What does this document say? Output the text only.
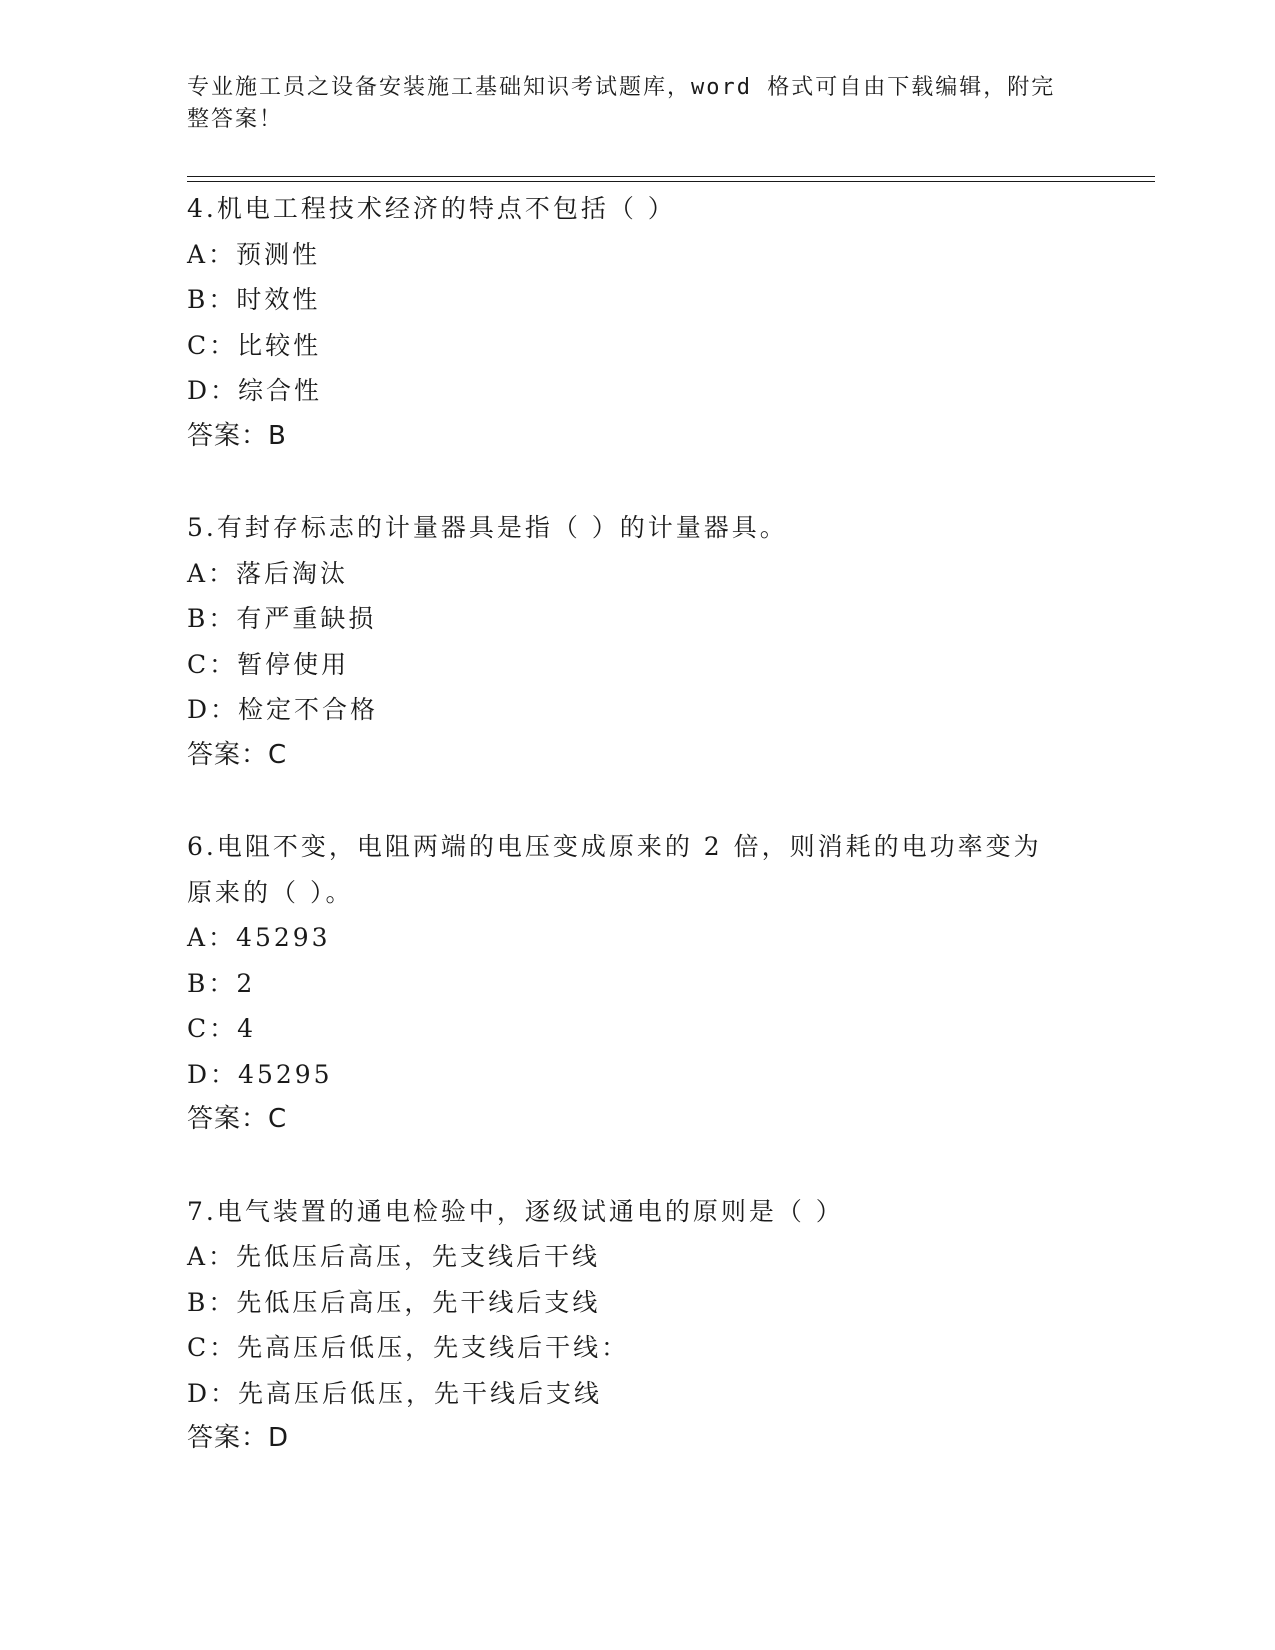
专业施工员之设备安装施工基础知识考试题库，word 格式可自由下载编辑，附完整答案！
4.机电工程技术经济的特点不包括（ ）
A：预测性
B：时效性
C：比较性
D：综合性
答案：B
5.有封存标志的计量器具是指（ ）的计量器具。
A：落后淘汰
B：有严重缺损
C：暂停使用
D：检定不合格
答案：C
6.电阻不变，电阻两端的电压变成原来的 2 倍，则消耗的电功率变为原来的（ ）。
A：45293
B：2
C：4
D：45295
答案：C
7.电气装置的通电检验中，逐级试通电的原则是（ ）
A：先低压后高压，先支线后干线
B：先低压后高压，先干线后支线
C：先高压后低压，先支线后干线：
D：先高压后低压，先干线后支线
答案：D
